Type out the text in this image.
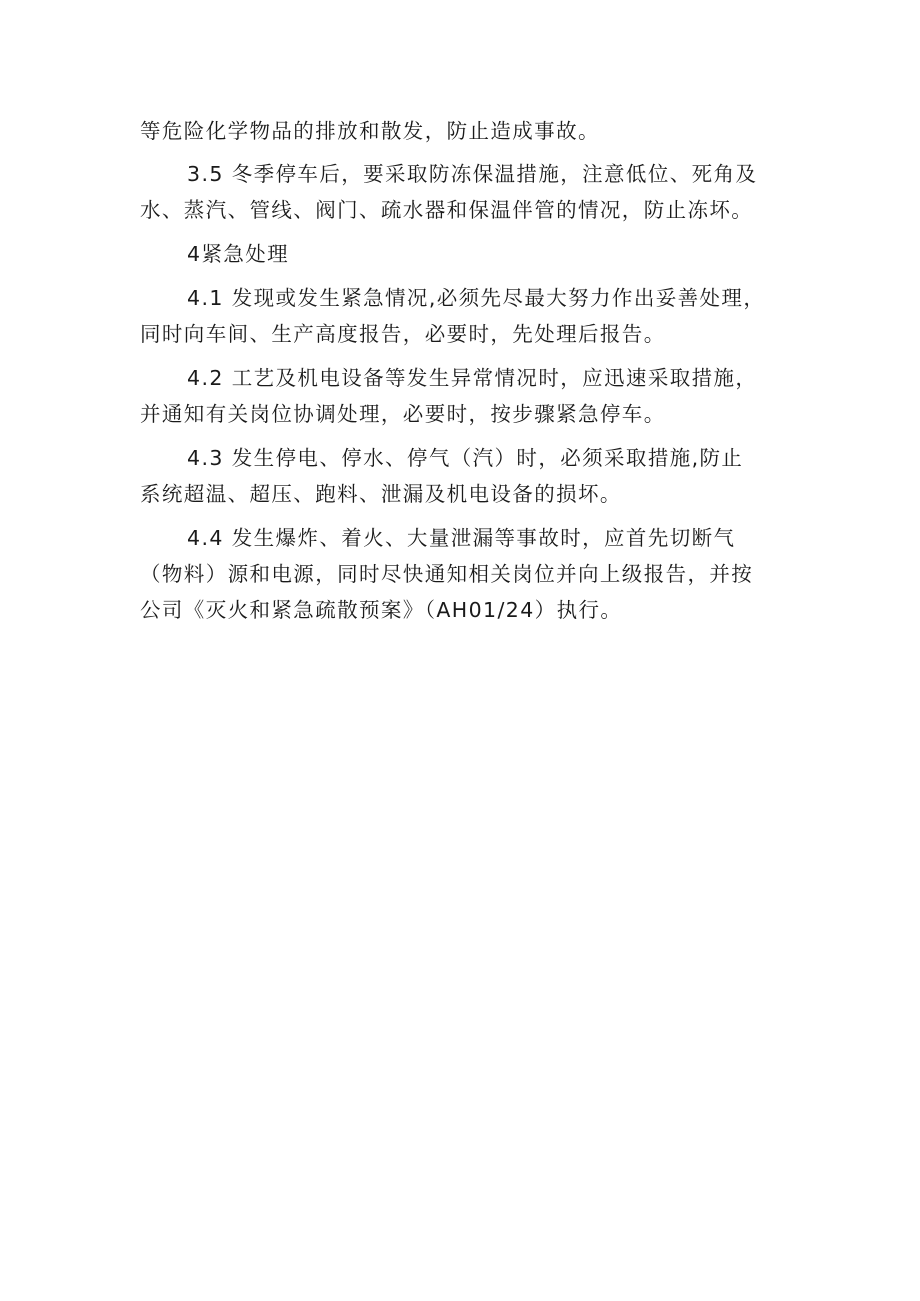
等危险化学物品的排放和散发，防止造成事故。

3.5 冬季停车后，要采取防冻保温措施，注意低位、死角及
水、蒸汽、管线、阀门、疏水器和保温伴管的情况，防止冻坏。

4紧急处理

4.1 发现或发生紧急情况,必须先尽最大努力作出妥善处理，
同时向车间、生产高度报告，必要时，先处理后报告。

4.2 工艺及机电设备等发生异常情况时，应迅速采取措施，
并通知有关岗位协调处理，必要时，按步骤紧急停车。

4.3 发生停电、停水、停气（汽）时，必须采取措施,防止
系统超温、超压、跑料、泄漏及机电设备的损坏。

4.4 发生爆炸、着火、大量泄漏等事故时，应首先切断气
（物料）源和电源，同时尽快通知相关岗位并向上级报告，并按
公司《灭火和紧急疏散预案》（AH01/24）执行。
